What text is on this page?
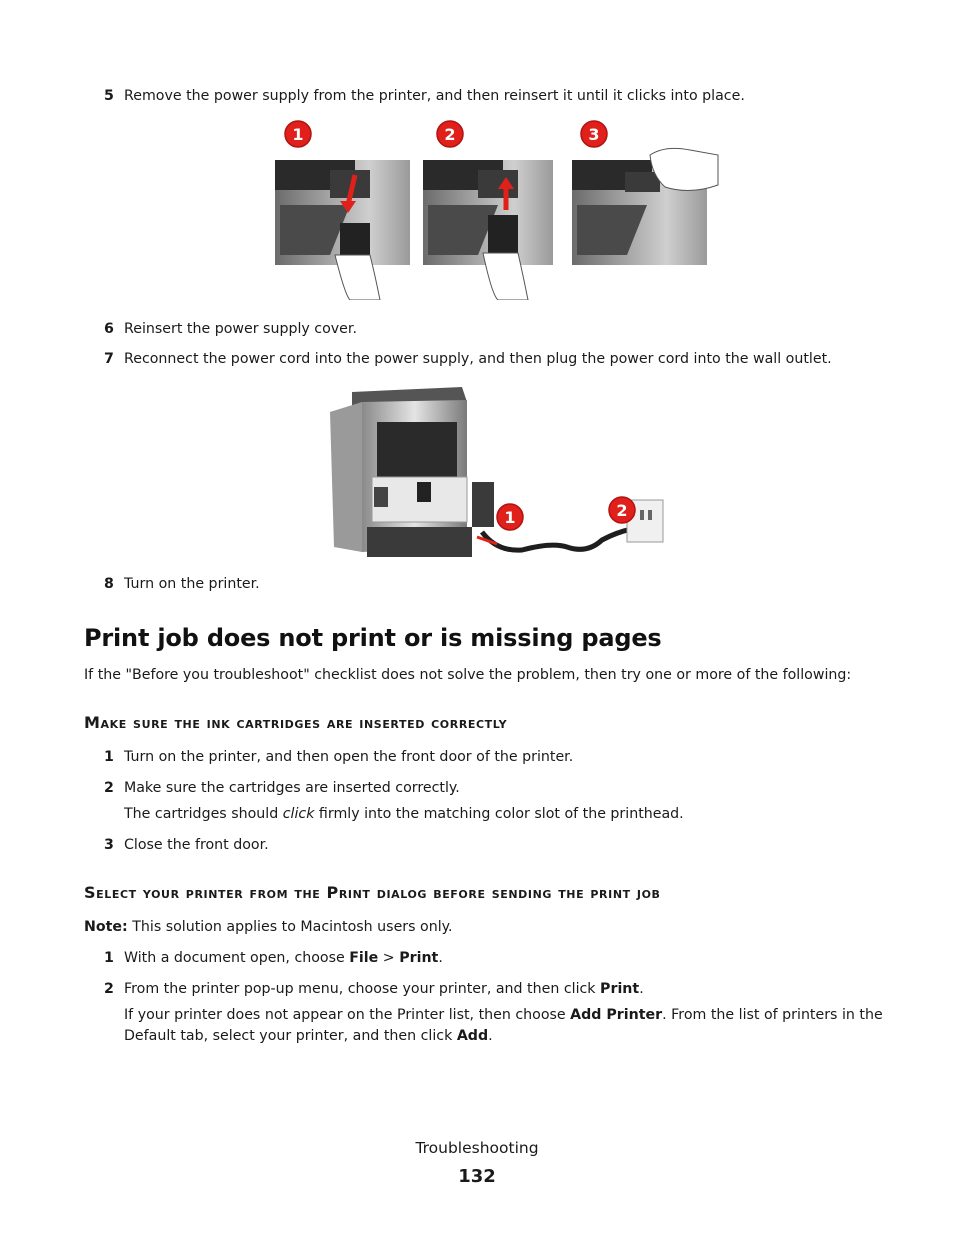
5 Remove the power supply from the printer, and then reinsert it until it clicks into place.
1	2	3
6 Reinsert the power supply cover.
7 Reconnect the power cord into the power supply, and then plug the power cord into the wall outlet.
1	2
8 Turn on the printer.
Print job does not print or is missing pages
If the "Before you troubleshoot" checklist does not solve the problem, then try one or more of the following:
Make sure the ink cartridges are inserted correctly
1 Turn on the printer, and then open the front door of the printer.
2 Make sure the cartridges are inserted correctly.
The cartridges should click firmly into the matching color slot of the printhead.
3 Close the front door.
Select your printer from the Print dialog before sending the print job
Note: This solution applies to Macintosh users only.
1 With a document open, choose File > Print.
2 From the printer pop-up menu, choose your printer, and then click Print.
If your printer does not appear on the Printer list, then choose Add Printer. From the list of printers in the
Default tab, select your printer, and then click Add.
Troubleshooting
132
